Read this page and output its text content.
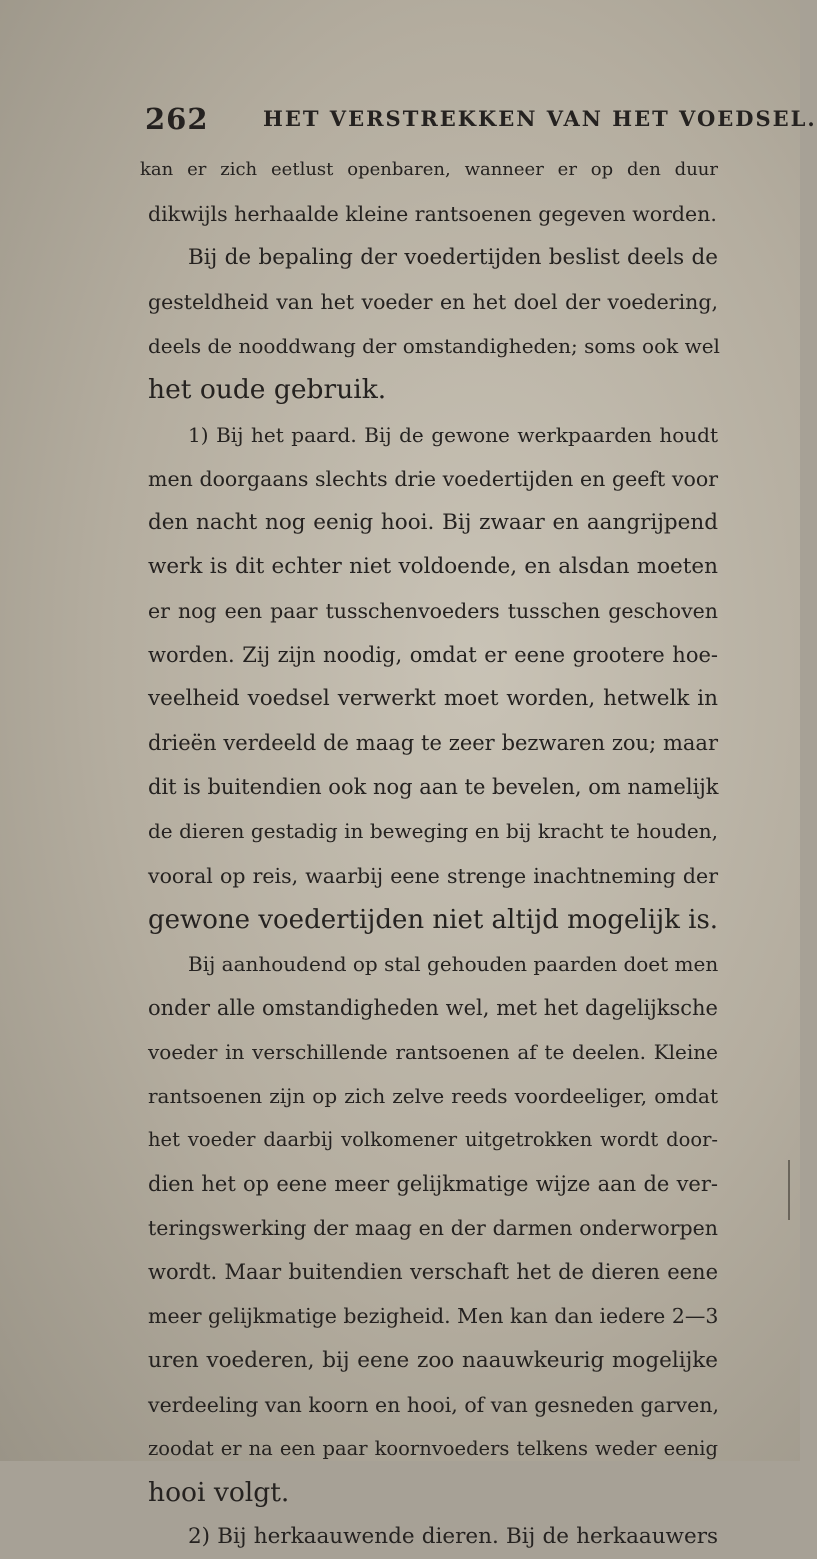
262	HET VERSTREKKEN VAN HET VOEDSEL.
kan er zich eetlust openbaren, wanneer er op den duur
dikwijls herhaalde kleine rantsoenen gegeven worden.
Bij de bepaling der voedertijden beslist deels de
gesteldheid van het voeder en het doel der voedering,
deels de nooddwang der omstandigheden; soms ook wel
het oude gebruik.
1) Bij het paard. Bij de gewone werkpaarden houdt
men doorgaans slechts drie voedertijden en geeft voor
den nacht nog eenig hooi. Bij zwaar en aangrijpend
werk is dit echter niet voldoende, en alsdan moeten
er nog een paar tusschenvoeders tusschen geschoven
worden. Zij zijn noodig, omdat er eene grootere hoe-
veelheid voedsel verwerkt moet worden, hetwelk in
drieën verdeeld de maag te zeer bezwaren zou; maar
dit is buitendien ook nog aan te bevelen, om namelijk
de dieren gestadig in beweging en bij kracht te houden,
vooral op reis, waarbij eene strenge inachtneming der
gewone voedertijden niet altijd mogelijk is.
Bij aanhoudend op stal gehouden paarden doet men
onder alle omstandigheden wel, met het dagelijksche
voeder in verschillende rantsoenen af te deelen. Kleine
rantsoenen zijn op zich zelve reeds voordeeliger, omdat
het voeder daarbij volkomener uitgetrokken wordt door-
dien het op eene meer gelijkmatige wijze aan de ver-
teringswerking der maag en der darmen onderworpen
wordt. Maar buitendien verschaft het de dieren eene
meer gelijkmatige bezigheid. Men kan dan iedere 2—3
uren voederen, bij eene zoo naauwkeurig mogelijke
verdeeling van koorn en hooi, of van gesneden garven,
zoodat er na een paar koornvoeders telkens weder eenig
hooi volgt.
2) Bij herkaauwende dieren. Bij de herkaauwers
